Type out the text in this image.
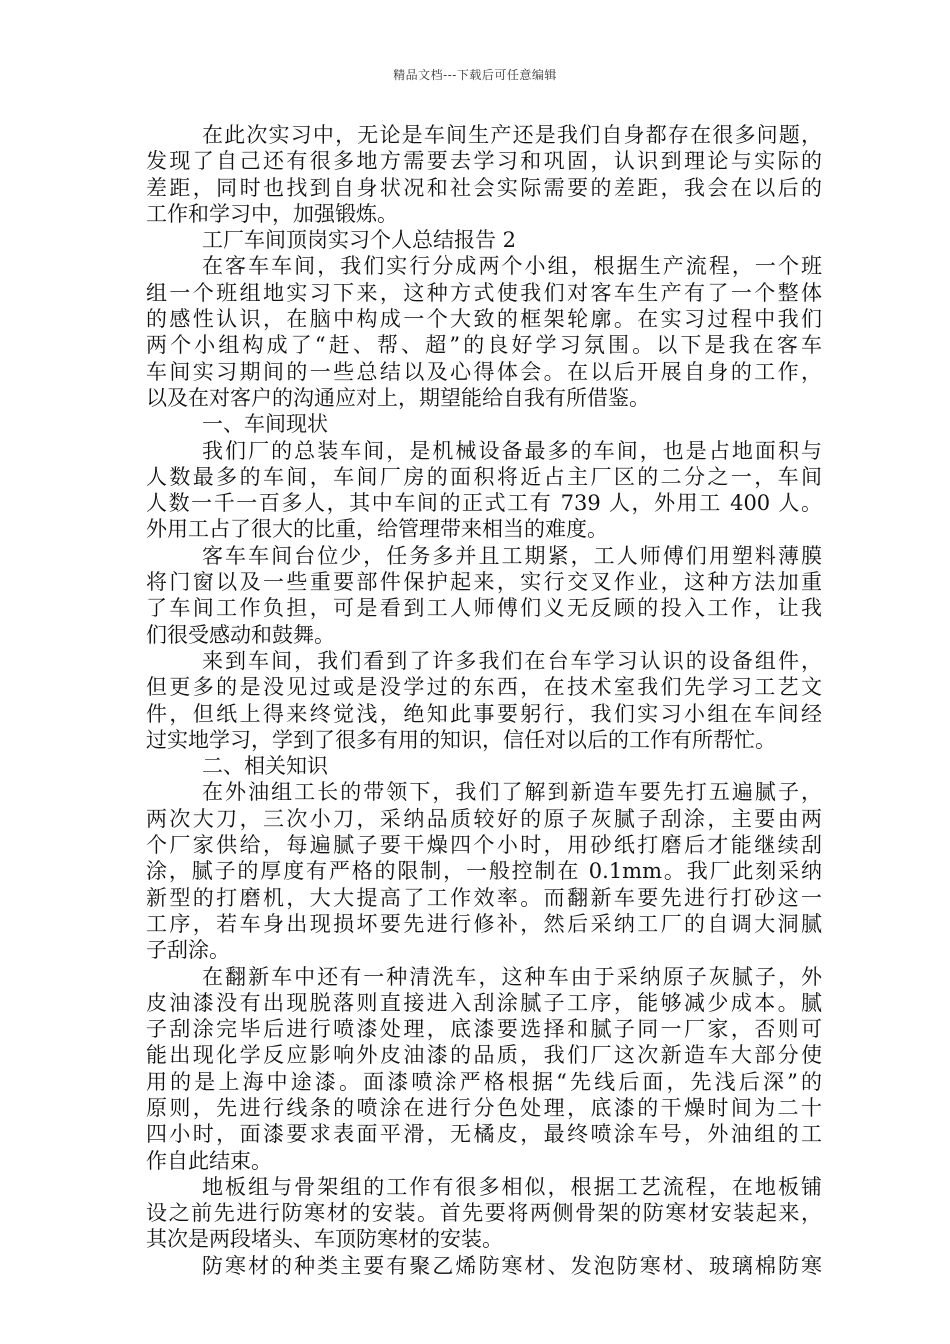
精品文档---下载后可任意编辑
在此次实习中，无论是车间生产还是我们自身都存在很多问题，
发现了自己还有很多地方需要去学习和巩固，认识到理论与实际的
差距，同时也找到自身状况和社会实际需要的差距，我会在以后的
工作和学习中，加强锻炼。
工厂车间顶岗实习个人总结报告 2
在客车车间，我们实行分成两个小组，根据生产流程，一个班
组一个班组地实习下来，这种方式使我们对客车生产有了一个整体
的感性认识，在脑中构成一个大致的框架轮廓。在实习过程中我们
两个小组构成了“赶、帮、超”的良好学习氛围。以下是我在客车
车间实习期间的一些总结以及心得体会。在以后开展自身的工作，
以及在对客户的沟通应对上，期望能给自我有所借鉴。
一、车间现状
我们厂的总装车间，是机械设备最多的车间，也是占地面积与
人数最多的车间，车间厂房的面积将近占主厂区的二分之一，车间
人数一千一百多人，其中车间的正式工有 739 人，外用工 400 人。
外用工占了很大的比重，给管理带来相当的难度。
客车车间台位少，任务多并且工期紧，工人师傅们用塑料薄膜
将门窗以及一些重要部件保护起来，实行交叉作业，这种方法加重
了车间工作负担，可是看到工人师傅们义无反顾的投入工作，让我
们很受感动和鼓舞。
来到车间，我们看到了许多我们在台车学习认识的设备组件，
但更多的是没见过或是没学过的东西，在技术室我们先学习工艺文
件，但纸上得来终觉浅，绝知此事要躬行，我们实习小组在车间经
过实地学习，学到了很多有用的知识，信任对以后的工作有所帮忙。
二、相关知识
在外油组工长的带领下，我们了解到新造车要先打五遍腻子，
两次大刀，三次小刀，采纳品质较好的原子灰腻子刮涂，主要由两
个厂家供给，每遍腻子要干燥四个小时，用砂纸打磨后才能继续刮
涂，腻子的厚度有严格的限制，一般控制在 0.1mm。我厂此刻采纳
新型的打磨机，大大提高了工作效率。而翻新车要先进行打砂这一
工序，若车身出现损坏要先进行修补，然后采纳工厂的自调大洞腻
子刮涂。
在翻新车中还有一种清洗车，这种车由于采纳原子灰腻子，外
皮油漆没有出现脱落则直接进入刮涂腻子工序，能够减少成本。腻
子刮涂完毕后进行喷漆处理，底漆要选择和腻子同一厂家，否则可
能出现化学反应影响外皮油漆的品质，我们厂这次新造车大部分使
用的是上海中途漆。面漆喷涂严格根据“先线后面，先浅后深”的
原则，先进行线条的喷涂在进行分色处理，底漆的干燥时间为二十
四小时，面漆要求表面平滑，无橘皮，最终喷涂车号，外油组的工
作自此结束。
地板组与骨架组的工作有很多相似，根据工艺流程，在地板铺
设之前先进行防寒材的安装。首先要将两侧骨架的防寒材安装起来，
其次是两段堵头、车顶防寒材的安装。
防寒材的种类主要有聚乙烯防寒材、发泡防寒材、玻璃棉防寒
